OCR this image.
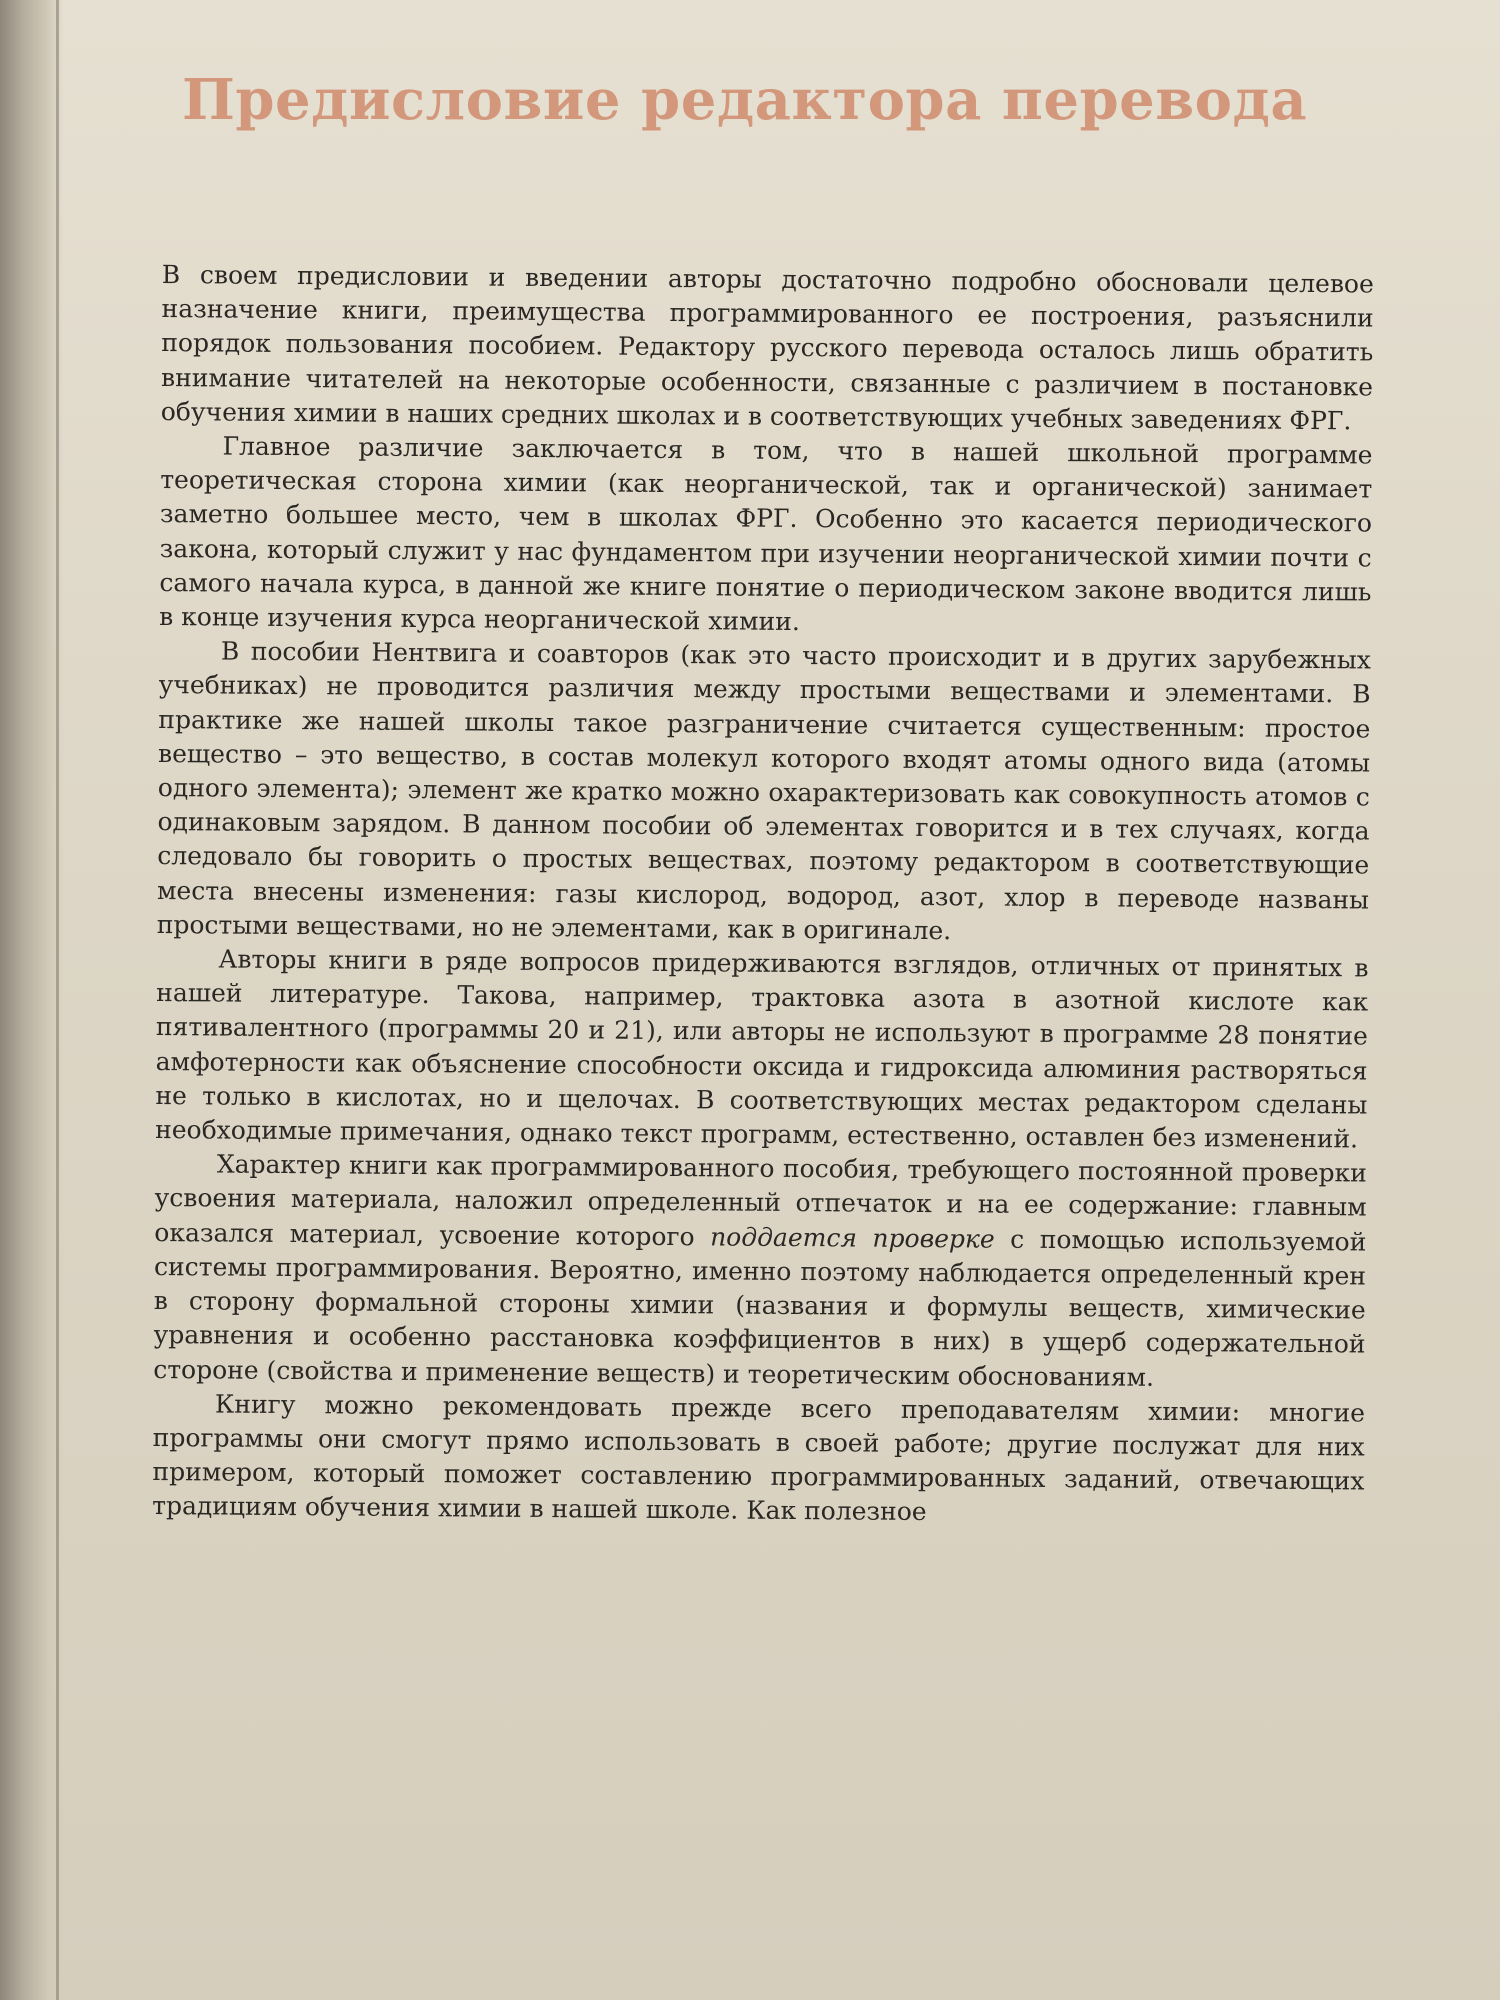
Предисловие редактора перевода

В своем предисловии и введении авторы достаточно подробно обосновали целевое назначение книги, преимущества программированного ее построения, разъяснили порядок пользования пособием. Редактору русского перевода осталось лишь обратить внимание читателей на некоторые особенности, связанные с различием в постановке обучения химии в наших средних школах и в соответствующих учебных заведениях ФРГ.

Главное различие заключается в том, что в нашей школьной программе теоретическая сторона химии (как неорганической, так и органической) занимает заметно большее место, чем в школах ФРГ. Особенно это касается периодического закона, который служит у нас фундаментом при изучении неорганической химии почти с самого начала курса, в данной же книге понятие о периодическом законе вводится лишь в конце изучения курса неорганической химии.

В пособии Нентвига и соавторов (как это часто происходит и в других зарубежных учебниках) не проводится различия между простыми веществами и элементами. В практике же нашей школы такое разграничение считается существенным: простое вещество – это вещество, в состав молекул которого входят атомы одного вида (атомы одного элемента); элемент же кратко можно охарактеризовать как совокупность атомов с одинаковым зарядом. В данном пособии об элементах говорится и в тех случаях, когда следовало бы говорить о простых веществах, поэтому редактором в соответствующие места внесены изменения: газы кислород, водород, азот, хлор в переводе названы простыми веществами, но не элементами, как в оригинале.

Авторы книги в ряде вопросов придерживаются взглядов, отличных от принятых в нашей литературе. Такова, например, трактовка азота в азотной кислоте как пятивалентного (программы 20 и 21), или авторы не используют в программе 28 понятие амфотерности как объяснение способности оксида и гидроксида алюминия растворяться не только в кислотах, но и щелочах. В соответствующих местах редактором сделаны необходимые примечания, однако текст программ, естественно, оставлен без изменений.

Характер книги как программированного пособия, требующего постоянной проверки усвоения материала, наложил определенный отпечаток и на ее содержание: главным оказался материал, усвоение которого поддается проверке с помощью используемой системы программирования. Вероятно, именно поэтому наблюдается определенный крен в сторону формальной стороны химии (названия и формулы веществ, химические уравнения и особенно расстановка коэффициентов в них) в ущерб содержательной стороне (свойства и применение веществ) и теоретическим обоснованиям.

Книгу можно рекомендовать прежде всего преподавателям химии: многие программы они смогут прямо использовать в своей работе; другие послужат для них примером, который поможет составлению программированных заданий, отвечающих традициям обучения химии в нашей школе. Как полезное
